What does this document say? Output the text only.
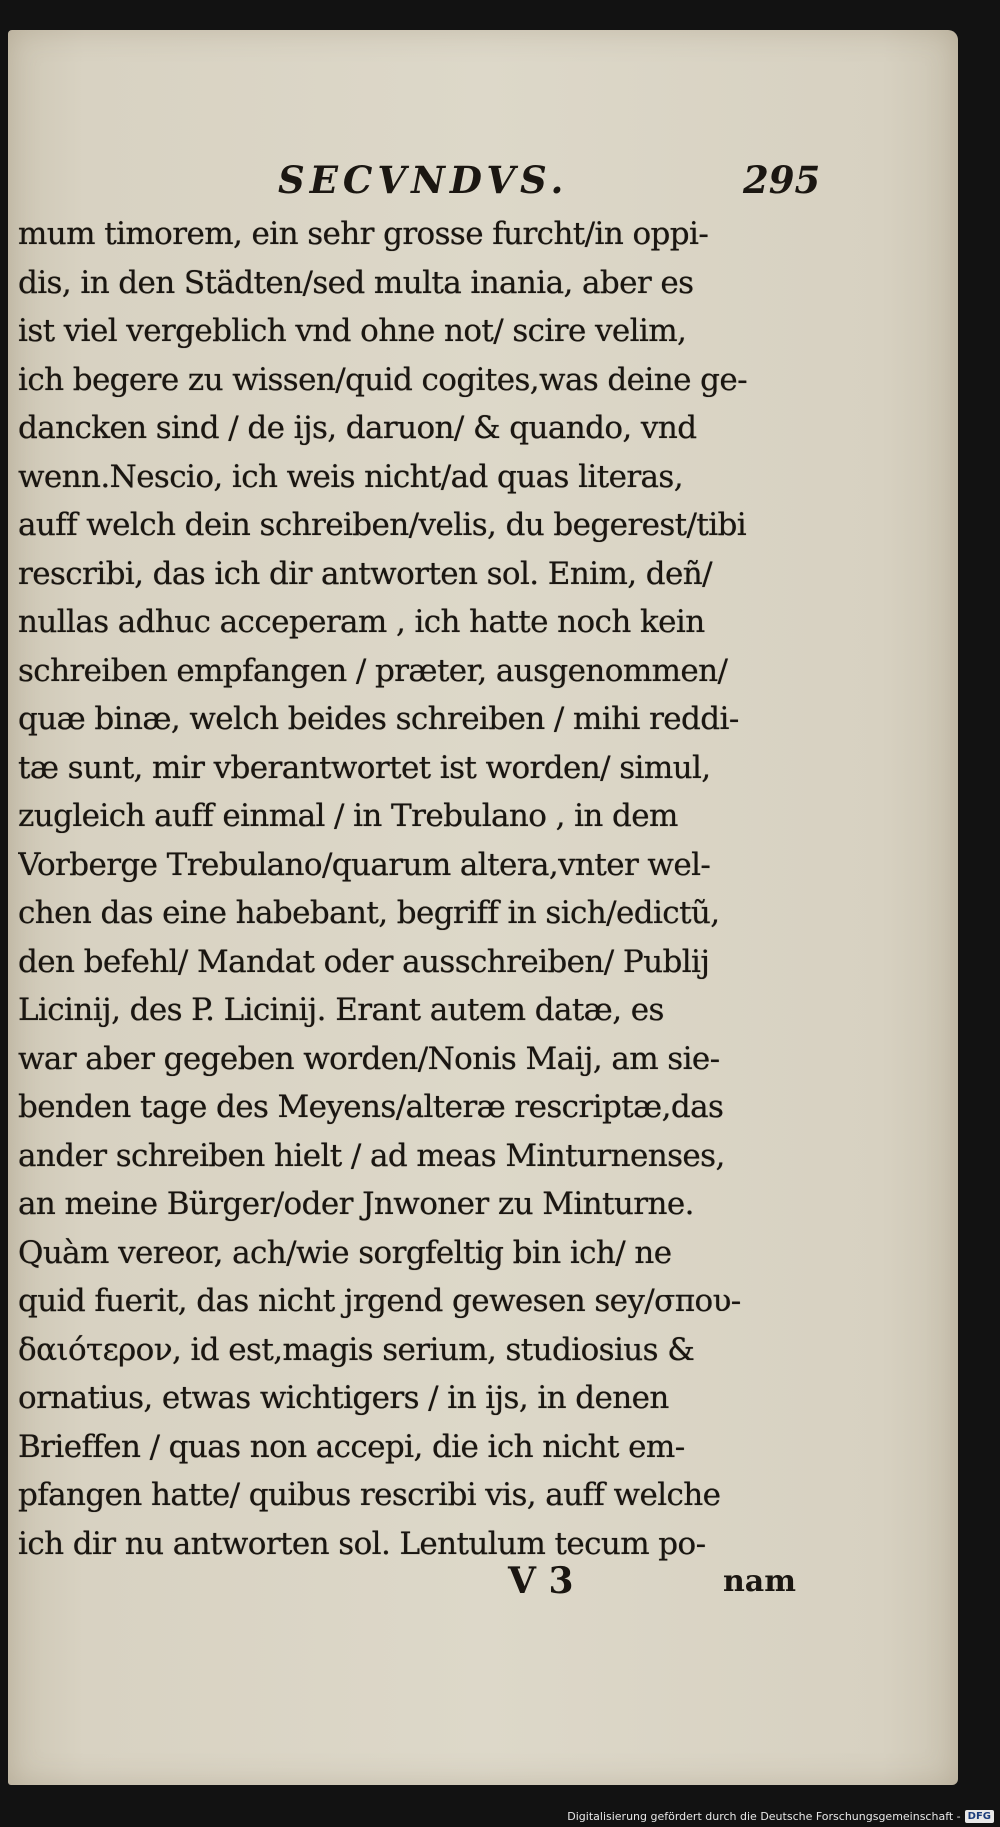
SECVNDVS.	295
mum timorem, ein sehr grosse furcht/in oppi-
dis, in den Städten/sed multa inania, aber es
ist viel vergeblich vnd ohne not/ scire velim,
ich begere zu wissen/quid cogites,was deine ge-
dancken sind / de ijs, daruon/ & quando, vnd
wenn.Nescio, ich weis nicht/ad quas literas,
auff welch dein schreiben/velis, du begerest/tibi
rescribi, das ich dir antworten sol. Enim, deñ/
nullas adhuc acceperam , ich hatte noch kein
schreiben empfangen / præter, ausgenommen/
quæ binæ, welch beides schreiben / mihi reddi-
tæ sunt, mir vberantwortet ist worden/ simul,
zugleich auff einmal / in Trebulano , in dem
Vorberge Trebulano/quarum altera,vnter wel-
chen das eine habebant, begriff in sich/edictũ,
den befehl/ Mandat oder ausschreiben/ Publij
Licinij, des P. Licinij. Erant autem datæ, es
war aber gegeben worden/Nonis Maij, am sie-
benden tage des Meyens/alteræ rescriptæ,das
ander schreiben hielt / ad meas Minturnenses,
an meine Bürger/oder Jnwoner zu Minturne.
Quàm vereor, ach/wie sorgfeltig bin ich/ ne
quid fuerit, das nicht jrgend gewesen sey/σπου-
δαιότερον, id est,magis serium, studiosius &
ornatius, etwas wichtigers / in ijs, in denen
Brieffen / quas non accepi, die ich nicht em-
pfangen hatte/ quibus rescribi vis, auff welche
ich dir nu antworten sol. Lentulum tecum po-
V 3	nam
Digitalisierung gefördert durch die Deutsche Forschungsgemeinschaft - DFG
